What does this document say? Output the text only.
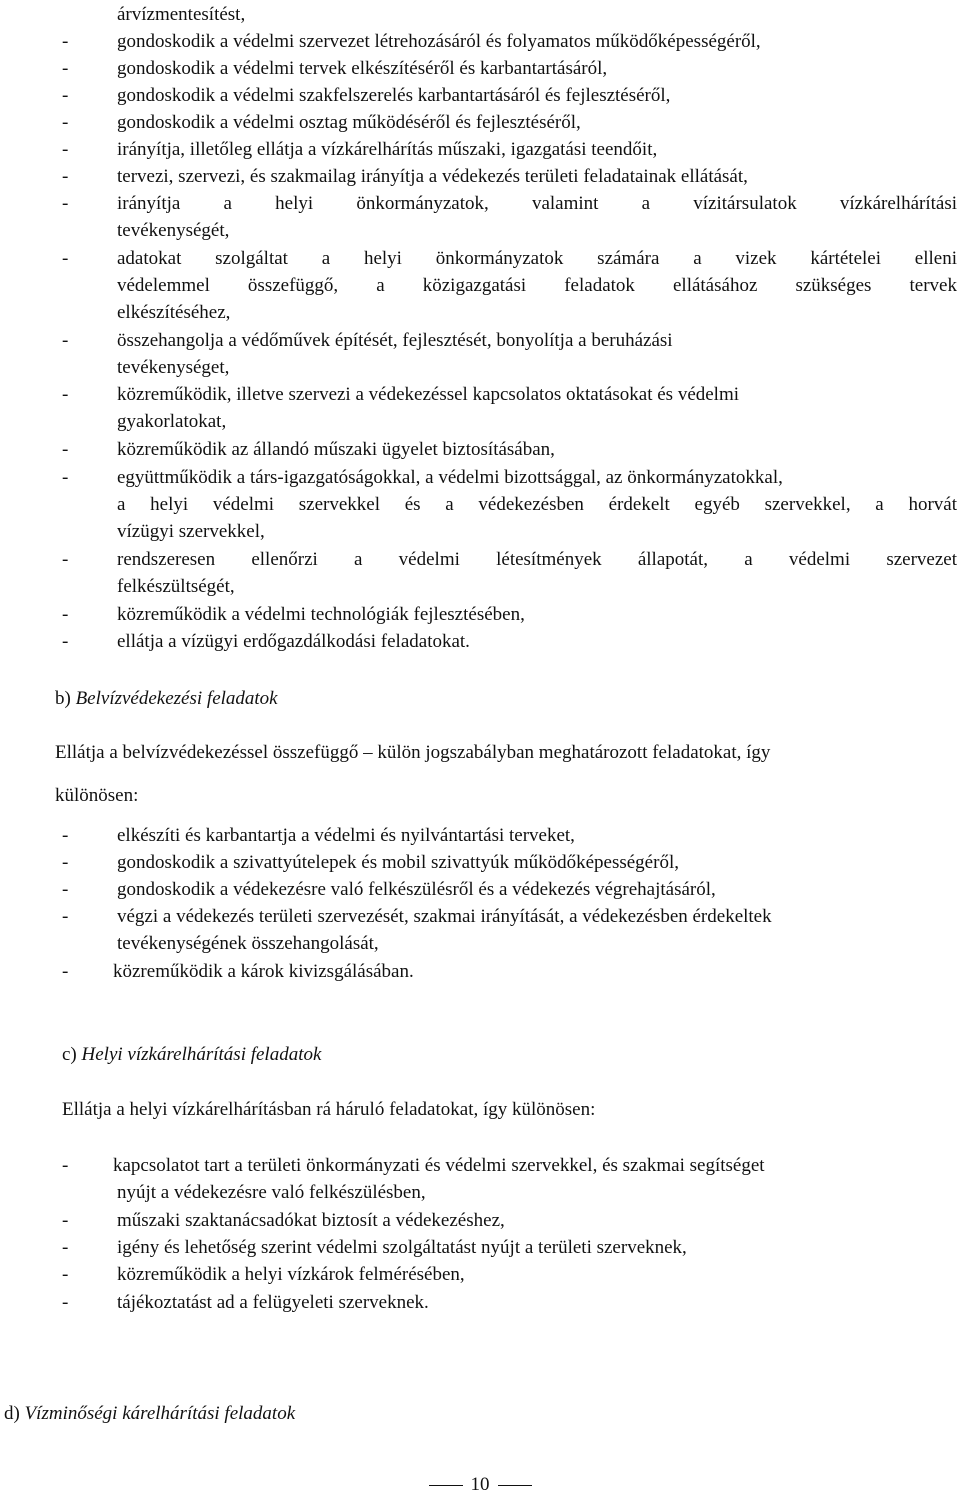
árvízmentesítést,
-	gondoskodik a védelmi szervezet létrehozásáról és folyamatos működőképességéről,
-	gondoskodik a védelmi tervek elkészítéséről és karbantartásáról,
-	gondoskodik a védelmi szakfelszerelés karbantartásáról és fejlesztéséről,
-	gondoskodik a védelmi osztag működéséről és fejlesztéséről,
-	irányítja, illetőleg ellátja a vízkárelhárítás műszaki, igazgatási teendőit,
-	tervezi, szervezi, és szakmailag irányítja a védekezés területi feladatainak ellátását,
-	irányítja a helyi önkormányzatok, valamint a vízitársulatok vízkárelhárítási
tevékenységét,
-	adatokat szolgáltat a helyi önkormányzatok számára a vizek kártételei elleni
védelemmel összefüggő, a közigazgatási feladatok ellátásához szükséges tervek
elkészítéséhez,
-	összehangolja a védőművek építését, fejlesztését, bonyolítja a beruházási
tevékenységet,
-	közreműködik, illetve szervezi a védekezéssel kapcsolatos oktatásokat és védelmi
gyakorlatokat,
-	közreműködik az állandó műszaki ügyelet biztosításában,
-	együttműködik a társ-igazgatóságokkal, a védelmi bizottsággal, az önkormányzatokkal,
a helyi védelmi szervekkel és a védekezésben érdekelt egyéb szervekkel, a horvát
vízügyi szervekkel,
-	rendszeresen ellenőrzi a védelmi létesítmények állapotát, a védelmi szervezet
felkészültségét,
-	közreműködik a védelmi technológiák fejlesztésében,
-	ellátja a vízügyi erdőgazdálkodási feladatokat.
b) Belvízvédekezési feladatok
Ellátja a belvízvédekezéssel összefüggő – külön jogszabályban meghatározott feladatokat, így
különösen:
-	elkészíti és karbantartja a védelmi és nyilvántartási terveket,
-	gondoskodik a szivattyútelepek és mobil szivattyúk működőképességéről,
-	gondoskodik a védekezésre való felkészülésről és a védekezés végrehajtásáról,
-	végzi a védekezés területi szervezését, szakmai irányítását, a védekezésben érdekeltek
tevékenységének összehangolását,
- közreműködik a károk kivizsgálásában.
c) Helyi vízkárelhárítási feladatok
Ellátja a helyi vízkárelhárításban rá háruló feladatokat, így különösen:
- kapcsolatot tart a területi önkormányzati és védelmi szervekkel, és szakmai segítséget
nyújt a védekezésre való felkészülésben,
-	műszaki szaktanácsadókat biztosít a védekezéshez,
-	igény és lehetőség szerint védelmi szolgáltatást nyújt a területi szerveknek,
-	közreműködik a helyi vízkárok felmérésében,
-	tájékoztatást ad a felügyeleti szerveknek.
d) Vízminőségi kárelhárítási feladatok
10
